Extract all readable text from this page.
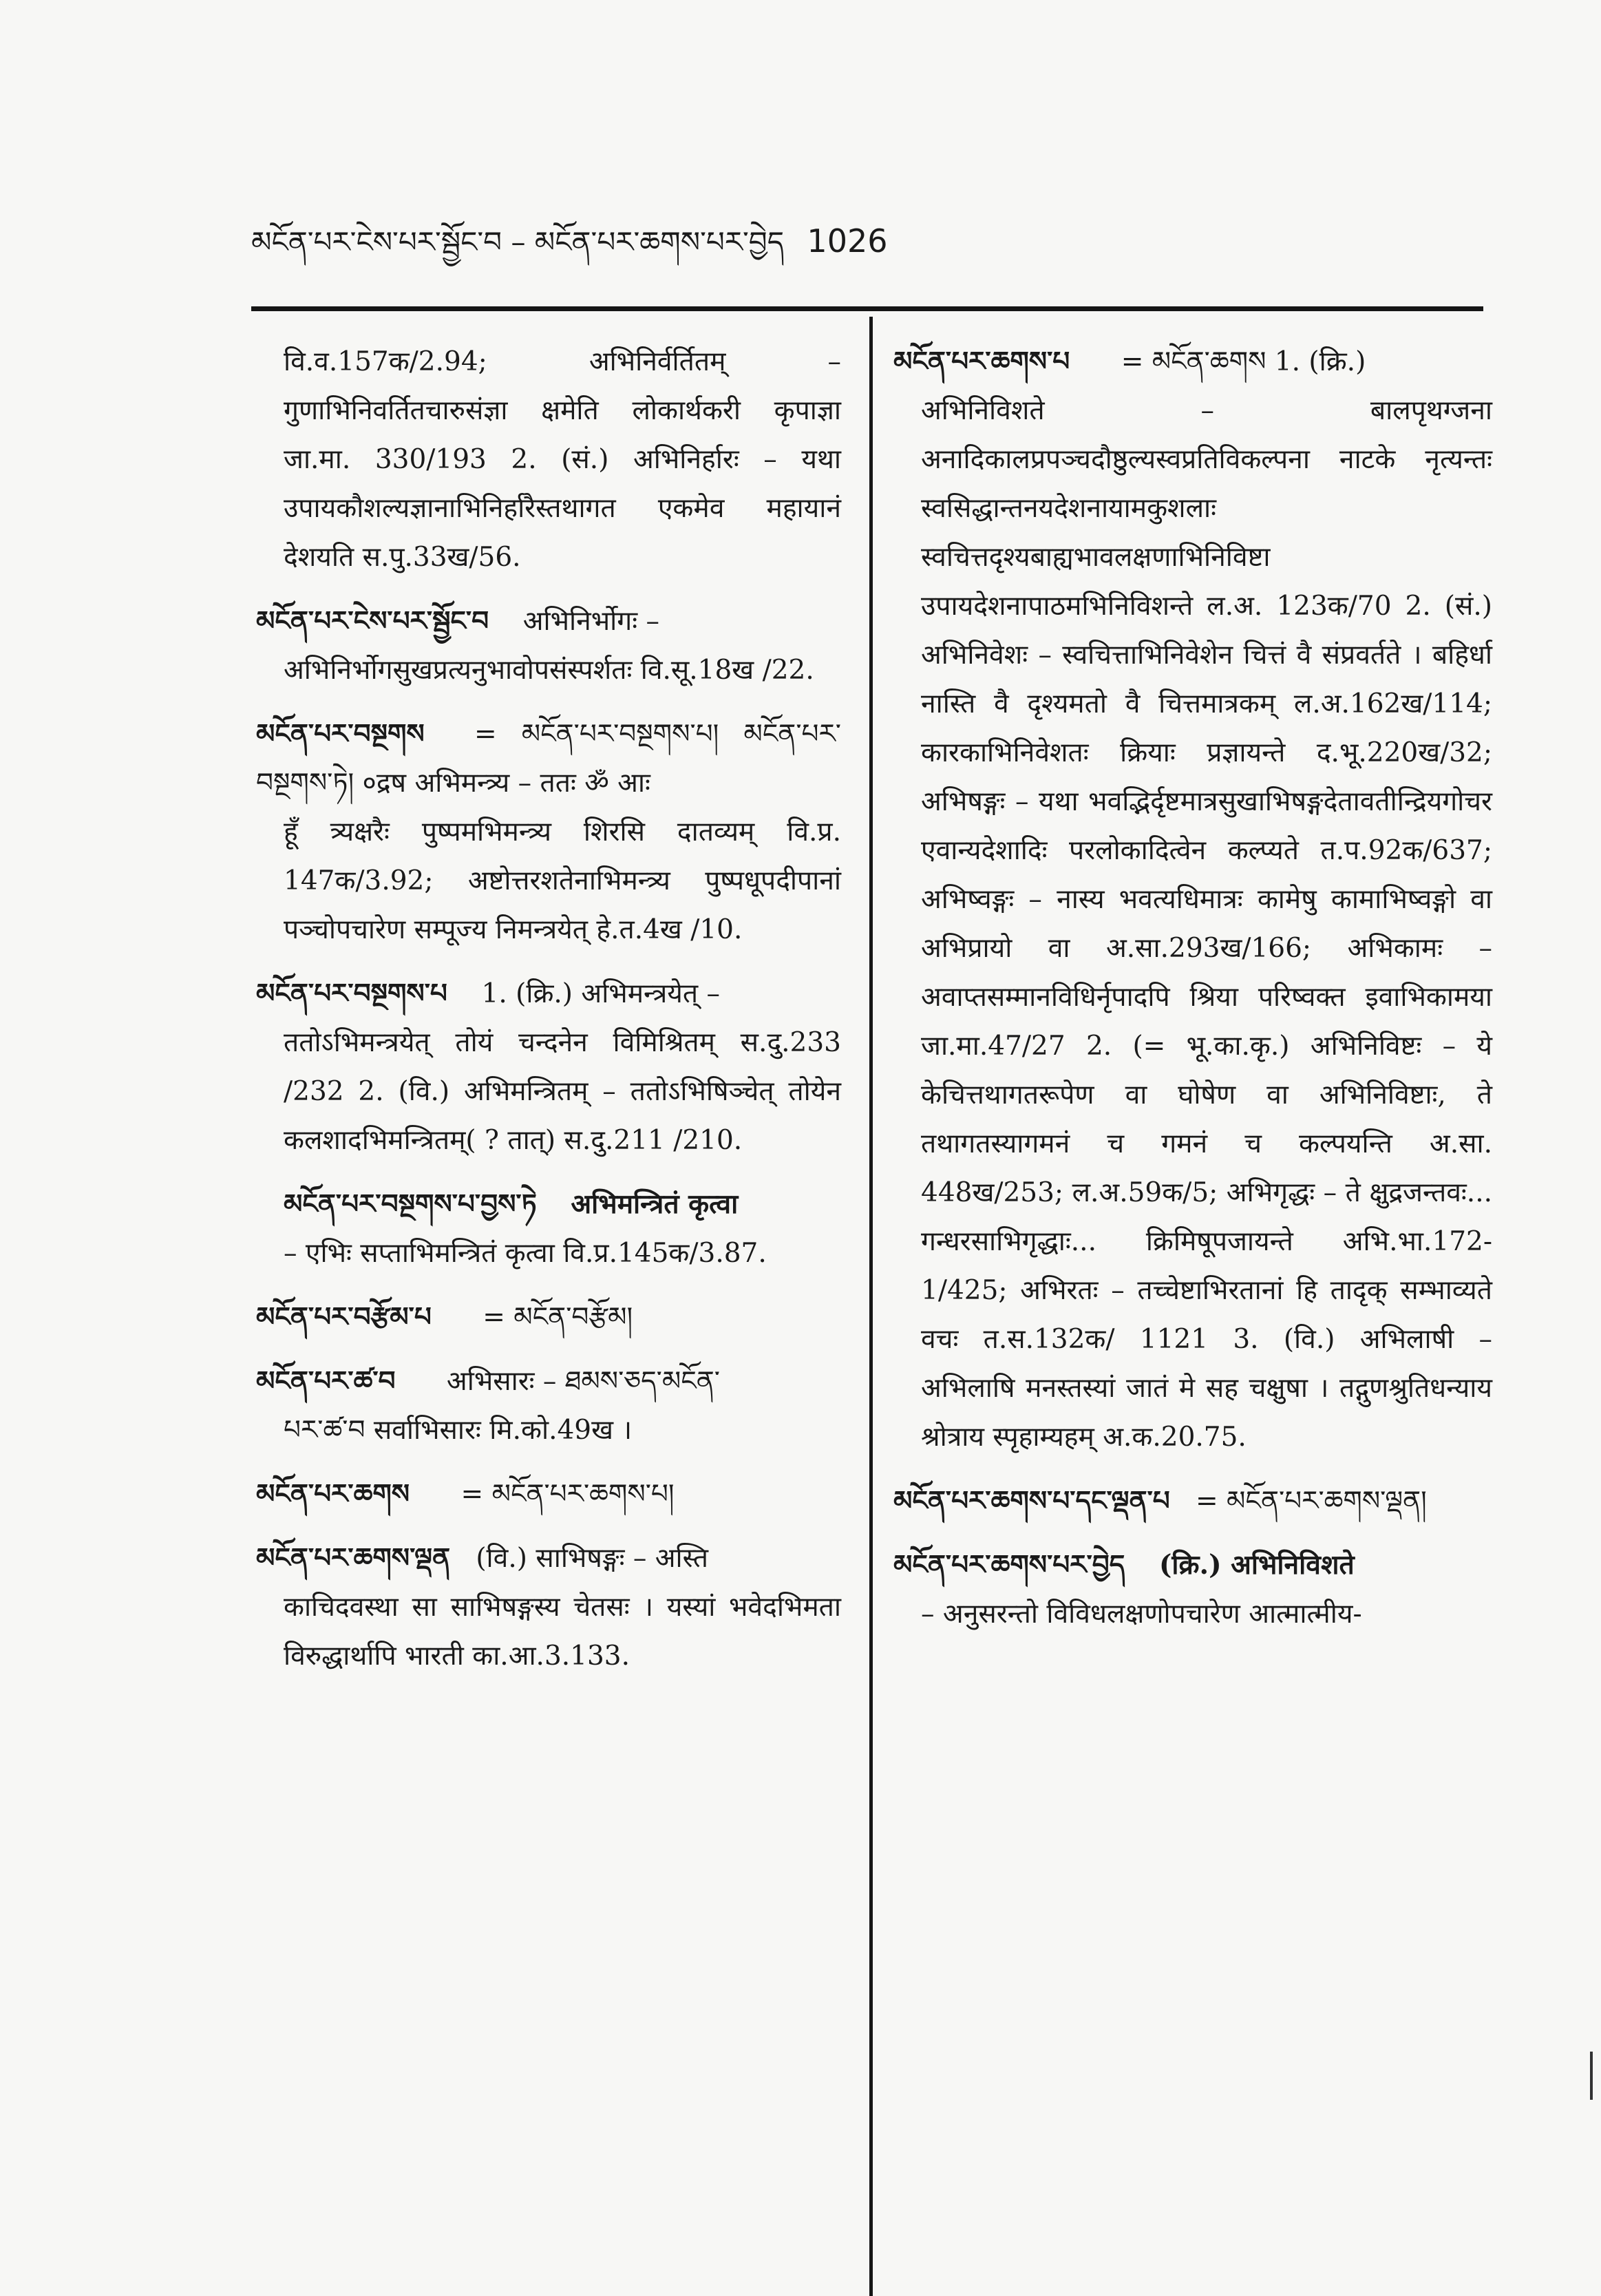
མངོན་པར་ངེས་པར་སྦྱོང་བ – མངོན་པར་ཆགས་པར་བྱེད 1026

वि.व.157क/2.94; अभिनिर्वर्तितम् – गुणाभिनिवर्तितचारुसंज्ञा क्षमेति लोकार्थकरी कृपाज्ञा जा.मा. 330/193 2. (सं.) अभिनिर्हारः – यथा उपायकौशल्यज्ञानाभिनिर्हारैस्तथागत एकमेव महायानं देशयति स.पु.33ख/56.

མངོན་པར་ངེས་པར་སྦྱོང་བ अभिनिर्भोगः –

अभिनिर्भोगसुखप्रत्यनुभावोपसंस्पर्शतः वि.सू.18ख /22.

མངོན་པར་བསྔགས = མངོན་པར་བསྔགས་པ། མངོན་པར་བསྔགས་ཏེ། ०द्रष अभिमन्त्र्य – ततः ॐ आः

हूँ त्र्यक्षरैः पुष्पमभिमन्त्र्य शिरसि दातव्यम् वि.प्र. 147क/3.92; अष्टोत्तरशतेनाभिमन्त्र्य पुष्पधूपदीपानां पञ्चोपचारेण सम्पूज्य निमन्त्रयेत् हे.त.4ख /10.

མངོན་པར་བསྔགས་པ 1. (क्रि.) अभिमन्त्रयेत् –

ततोऽभिमन्त्रयेत् तोयं चन्दनेन विमिश्रितम् स.दु.233 /232 2. (वि.) अभिमन्त्रितम् – ततोऽभिषिञ्चेत् तोयेन कलशादभिमन्त्रितम्( ? तात्) स.दु.211 /210.

མངོན་པར་བསྔགས་པ་བྱས་ཏེ अभिमन्त्रितं कृत्वा

– एभिः सप्ताभिमन्त्रितं कृत्वा वि.प्र.145क/3.87.

མངོན་པར་བརྩོམ་པ = མངོན་བརྩོམ།

མངོན་པར་ཚ་བ अभिसारः – ཐམས་ཅད་མངོན་

པར་ཚ་བ सर्वाभिसारः मि.को.49ख ।

མངོན་པར་ཆགས = མངོན་པར་ཆགས་པ།

མངོན་པར་ཆགས་ལྡན (वि.) साभिषङ्गः – अस्ति

काचिदवस्था सा साभिषङ्गस्य चेतसः । यस्यां भवेदभिमता विरुद्धार्थापि भारती का.आ.3.133.

མངོན་པར་ཆགས་པ = མངོན་ཆགས 1. (क्रि.)

अभिनिविशते – बालपृथग्जना अनादिकालप्रपञ्चदौष्ठुल्यस्वप्रतिविकल्पना नाटके नृत्यन्तः स्वसिद्धान्तनयदेशनायामकुशलाः स्वचित्तदृश्यबाह्यभावलक्षणाभिनिविष्टा उपायदेशनापाठमभिनिविशन्ते ल.अ. 123क/70 2. (सं.) अभिनिवेशः – स्वचित्ताभिनिवेशेन चित्तं वै संप्रवर्तते । बहिर्धा नास्ति वै दृश्यमतो वै चित्तमात्रकम् ल.अ.162ख/114; कारकाभिनिवेशतः क्रियाः प्रज्ञायन्ते द.भू.220ख/32; अभिषङ्गः – यथा भवद्भिर्दृष्टमात्रसुखाभिषङ्गदेतावतीन्द्रियगोचर एवान्यदेशादिः परलोकादित्वेन कल्प्यते त.प.92क/637; अभिष्वङ्गः – नास्य भवत्यधिमात्रः कामेषु कामाभिष्वङ्गो वा अभिप्रायो वा अ.सा.293ख/166; अभिकामः – अवाप्तसम्मानविधिर्नृपादपि श्रिया परिष्वक्त इवाभिकामया जा.मा.47/27 2. (= भू.का.कृ.) अभिनिविष्टः – ये केचित्तथागतरूपेण वा घोषेण वा अभिनिविष्टाः, ते तथागतस्यागमनं च गमनं च कल्पयन्ति अ.सा. 448ख/253; ल.अ.59क/5; अभिगृद्धः – ते क्षुद्रजन्तवः... गन्धरसाभिगृद्धाः... क्रिमिषूपजायन्ते अभि.भा.172-1/425; अभिरतः – तच्चेष्टाभिरतानां हि तादृक् सम्भाव्यते वचः त.स.132क/ 1121 3. (वि.) अभिलाषी – अभिलाषि मनस्तस्यां जातं मे सह चक्षुषा । तद्गुणश्रुतिधन्याय श्रोत्राय स्पृहाम्यहम् अ.क.20.75.

མངོན་པར་ཆགས་པ་དང་ལྡན་པ = མངོན་པར་ཆགས་ལྡན།

མངོན་པར་ཆགས་པར་བྱེད (क्रि.) अभिनिविशते

– अनुसरन्तो विविधलक्षणोपचारेण आत्मात्मीय-
